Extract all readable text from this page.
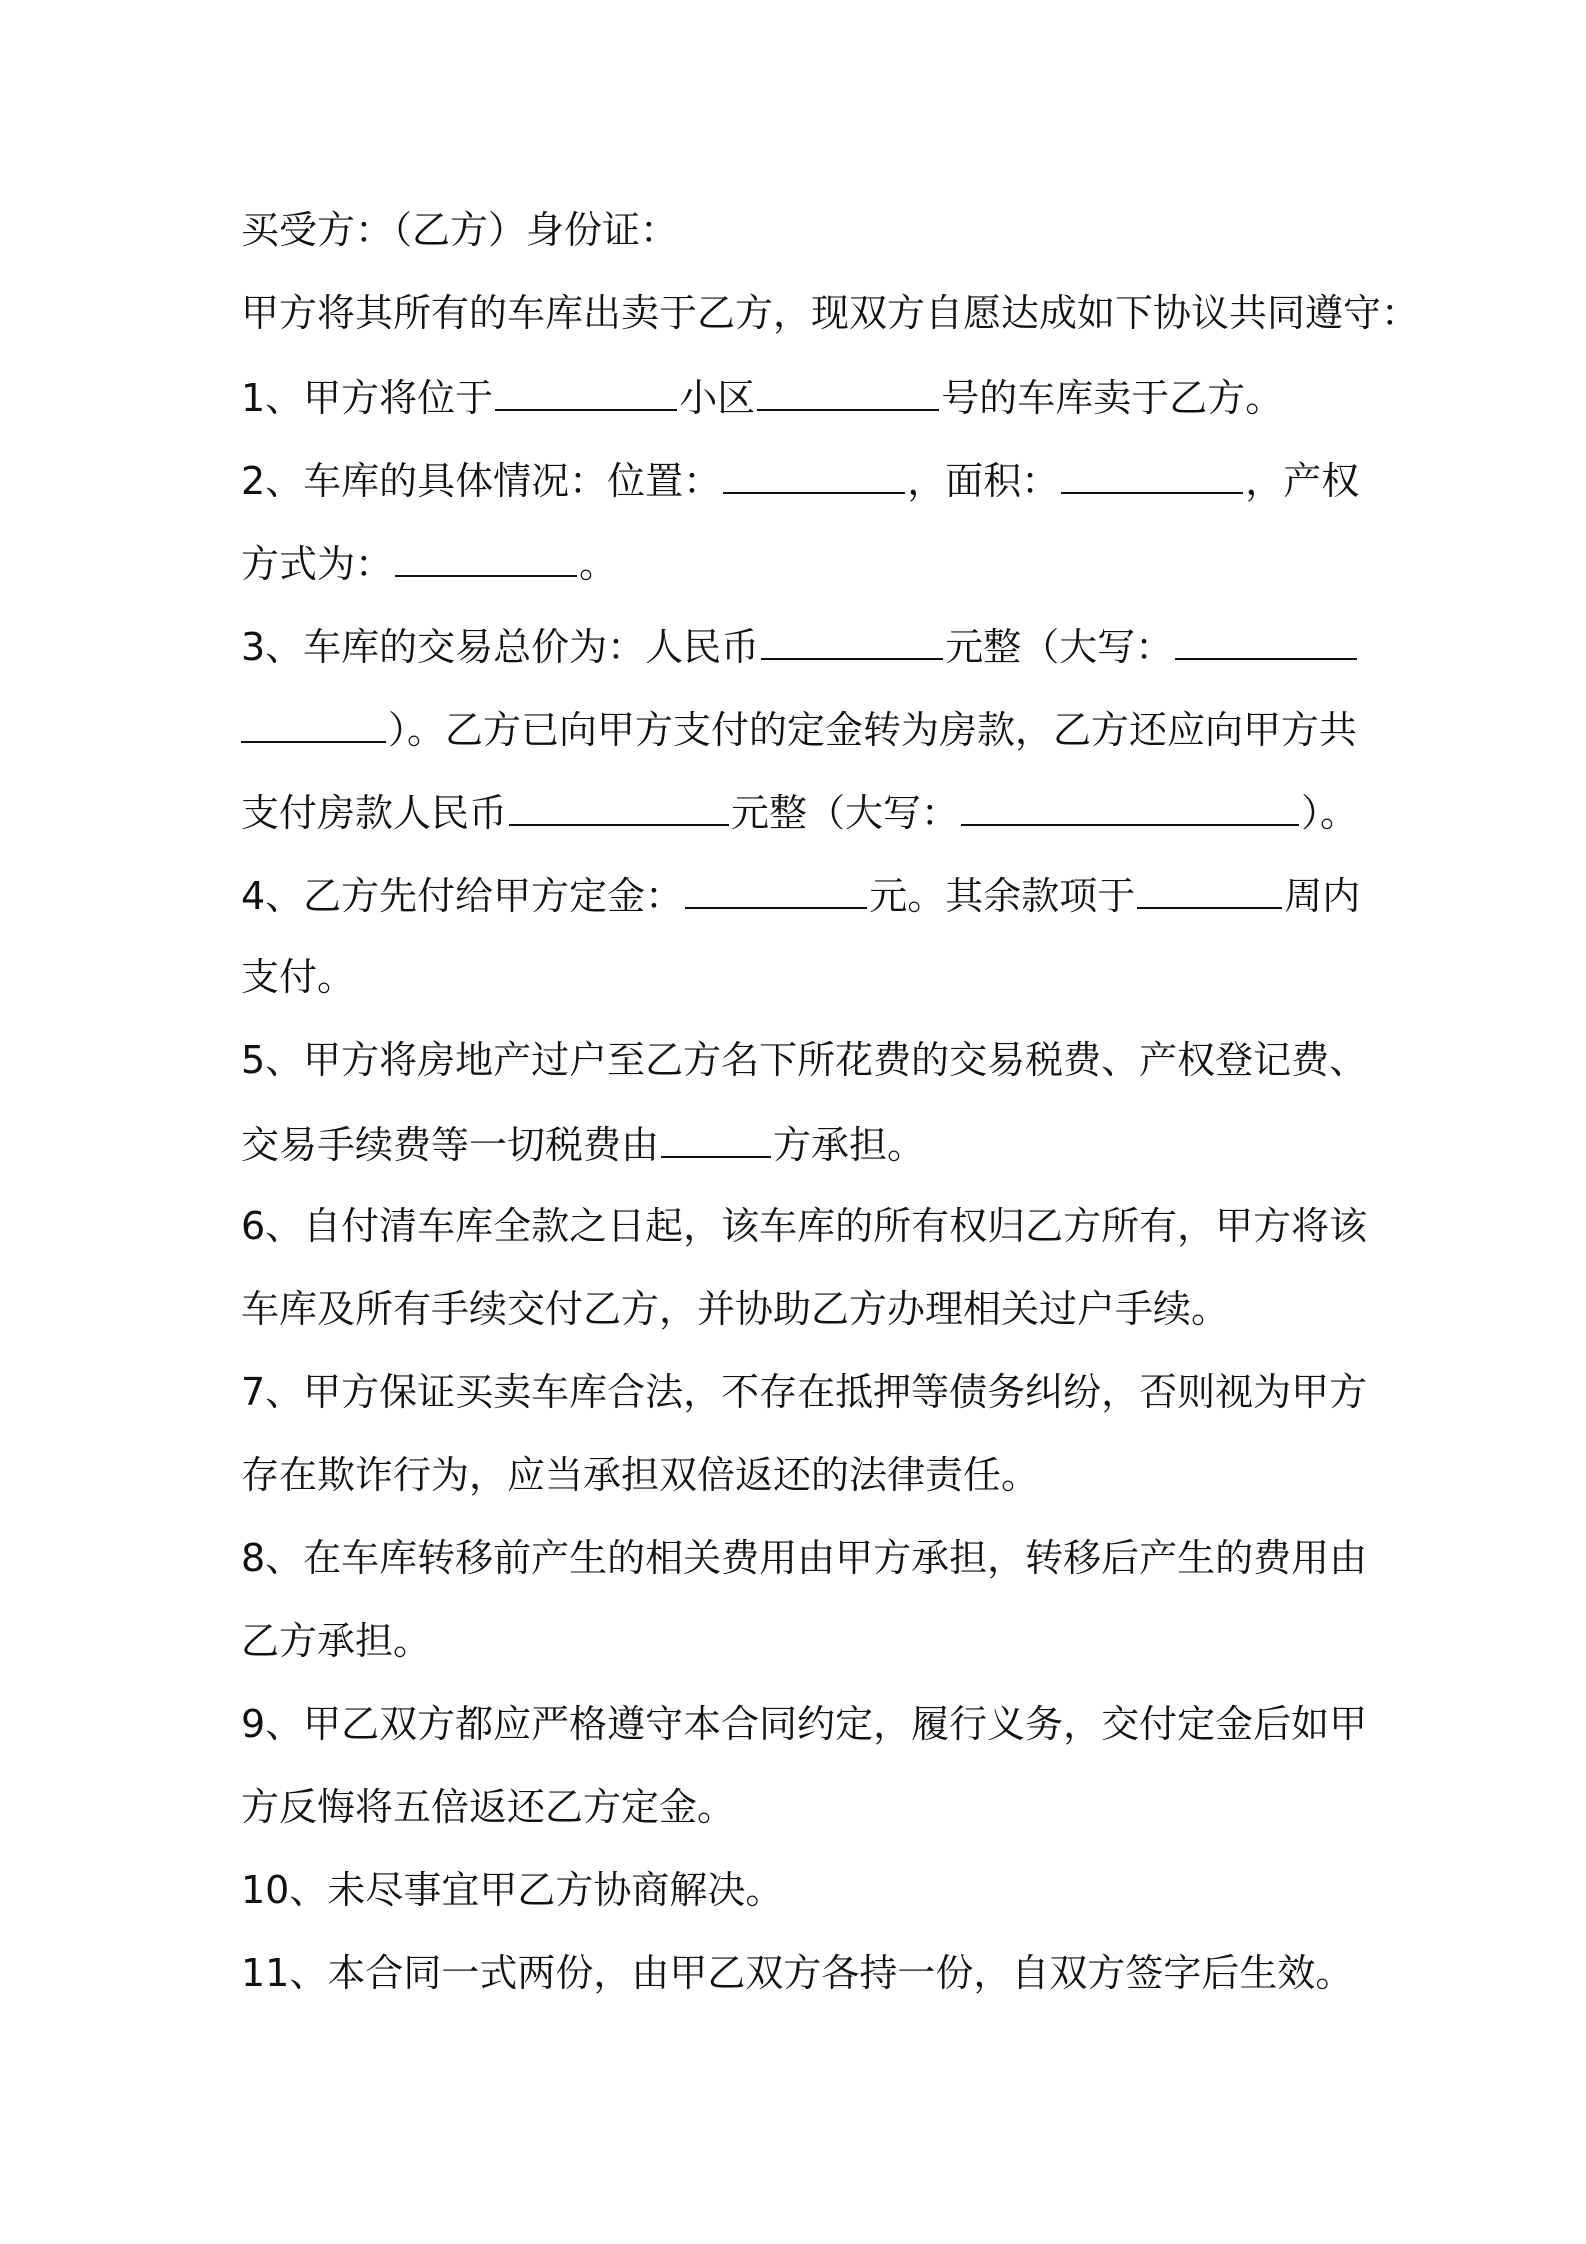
买受方：（乙方）身份证：
甲方将其所有的车库出卖于乙方，现双方自愿达成如下协议共同遵守：
1、甲方将位于	小区	号的车库卖于乙方。
2、车库的具体情况：位置：	，面积：	，产权
方式为：	。
3、车库的交易总价为：人民币	元整（大写：
）。乙方已向甲方支付的定金转为房款，乙方还应向甲方共
支付房款人民币	元整（大写：	）。
4、乙方先付给甲方定金：	元。其余款项于	周内
支付。
5、甲方将房地产过户至乙方名下所花费的交易税费、产权登记费、
交易手续费等一切税费由	方承担。
6、自付清车库全款之日起，该车库的所有权归乙方所有，甲方将该
车库及所有手续交付乙方，并协助乙方办理相关过户手续。
7、甲方保证买卖车库合法，不存在抵押等债务纠纷，否则视为甲方
存在欺诈行为，应当承担双倍返还的法律责任。
8、在车库转移前产生的相关费用由甲方承担，转移后产生的费用由
乙方承担。
9、甲乙双方都应严格遵守本合同约定，履行义务，交付定金后如甲
方反悔将五倍返还乙方定金。
10、未尽事宜甲乙方协商解决。
11、本合同一式两份，由甲乙双方各持一份，自双方签字后生效。
